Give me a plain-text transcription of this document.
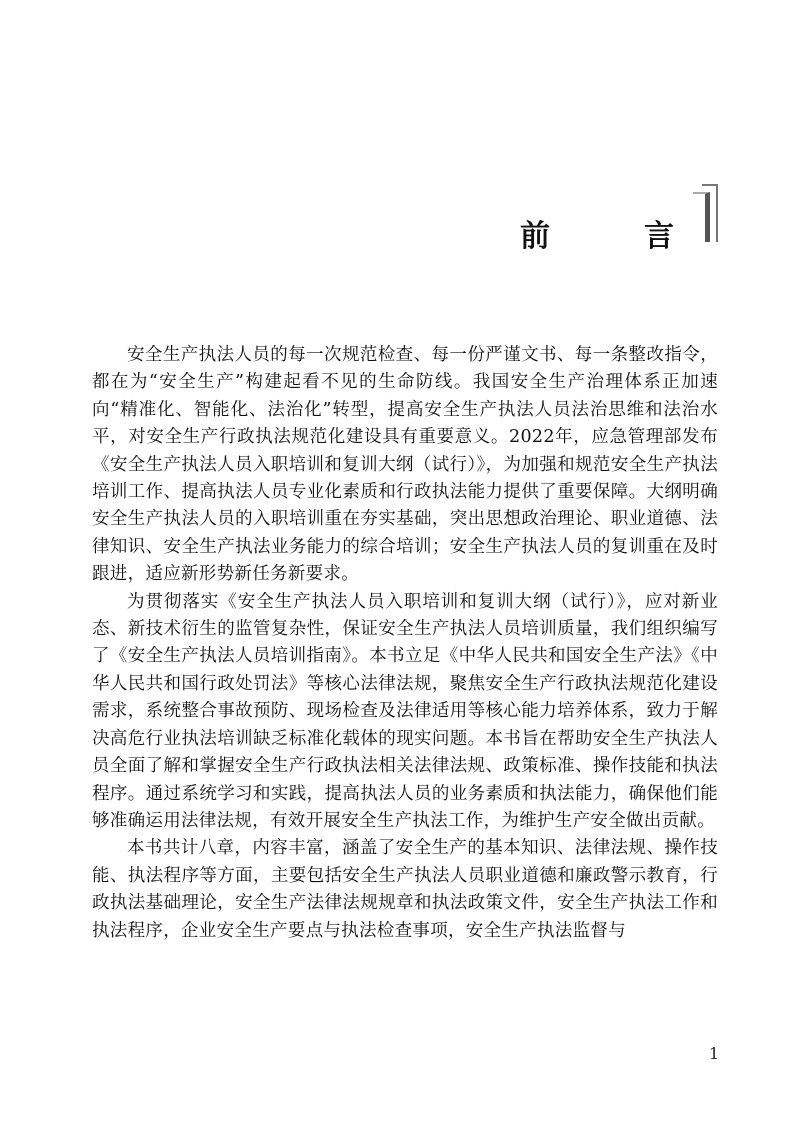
前	言

安全生产执法人员的每一次规范检查、每一份严谨文书、每一条整改指令，都在为“安全生产”构建起看不见的生命防线。我国安全生产治理体系正加速向“精准化、智能化、法治化”转型，提高安全生产执法人员法治思维和法治水平，对安全生产行政执法规范化建设具有重要意义。2022年，应急管理部发布《安全生产执法人员入职培训和复训大纲（试行）》，为加强和规范安全生产执法培训工作、提高执法人员专业化素质和行政执法能力提供了重要保障。大纲明确安全生产执法人员的入职培训重在夯实基础，突出思想政治理论、职业道德、法律知识、安全生产执法业务能力的综合培训；安全生产执法人员的复训重在及时跟进，适应新形势新任务新要求。

为贯彻落实《安全生产执法人员入职培训和复训大纲（试行）》，应对新业态、新技术衍生的监管复杂性，保证安全生产执法人员培训质量，我们组织编写了《安全生产执法人员培训指南》。本书立足《中华人民共和国安全生产法》《中华人民共和国行政处罚法》等核心法律法规，聚焦安全生产行政执法规范化建设需求，系统整合事故预防、现场检查及法律适用等核心能力培养体系，致力于解决高危行业执法培训缺乏标准化载体的现实问题。本书旨在帮助安全生产执法人员全面了解和掌握安全生产行政执法相关法律法规、政策标准、操作技能和执法程序。通过系统学习和实践，提高执法人员的业务素质和执法能力，确保他们能够准确运用法律法规，有效开展安全生产执法工作，为维护生产安全做出贡献。

本书共计八章，内容丰富，涵盖了安全生产的基本知识、法律法规、操作技能、执法程序等方面，主要包括安全生产执法人员职业道德和廉政警示教育，行政执法基础理论，安全生产法律法规规章和执法政策文件，安全生产执法工作和执法程序，企业安全生产要点与执法检查事项，安全生产执法监督与

1
